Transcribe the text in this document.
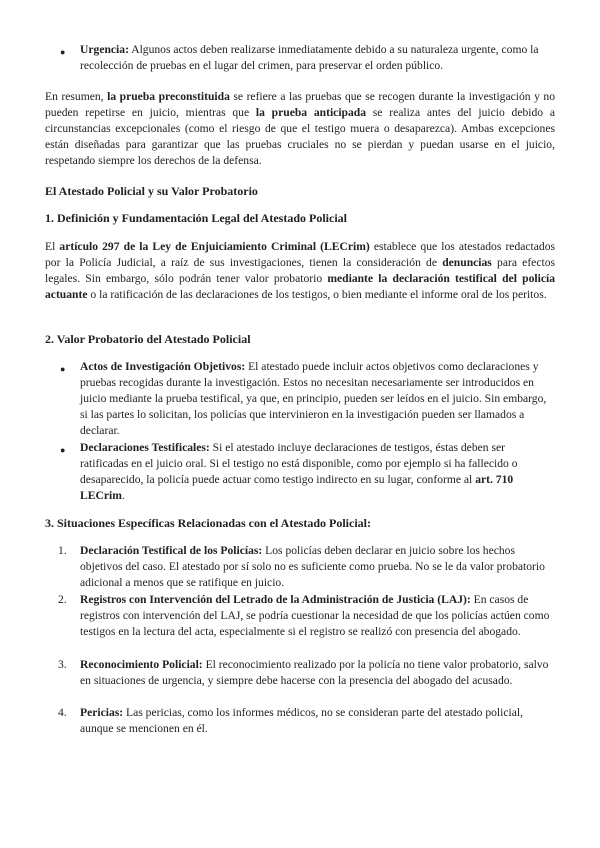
● Urgencia: Algunos actos deben realizarse inmediatamente debido a su naturaleza urgente, como la recolección de pruebas en el lugar del crimen, para preservar el orden público.

En resumen, la prueba preconstituida se refiere a las pruebas que se recogen durante la investigación y no pueden repetirse en juicio, mientras que la prueba anticipada se realiza antes del juicio debido a circunstancias excepcionales (como el riesgo de que el testigo muera o desaparezca). Ambas excepciones están diseñadas para garantizar que las pruebas cruciales no se pierdan y puedan usarse en el juicio, respetando siempre los derechos de la defensa.

El Atestado Policial y su Valor Probatorio

1. Definición y Fundamentación Legal del Atestado Policial

El artículo 297 de la Ley de Enjuiciamiento Criminal (LECrim) establece que los atestados redactados por la Policía Judicial, a raíz de sus investigaciones, tienen la consideración de denuncias para efectos legales. Sin embargo, sólo podrán tener valor probatorio mediante la declaración testifical del policía actuante o la ratificación de las declaraciones de los testigos, o bien mediante el informe oral de los peritos.

2. Valor Probatorio del Atestado Policial

● Actos de Investigación Objetivos: El atestado puede incluir actos objetivos como declaraciones y pruebas recogidas durante la investigación. Estos no necesitan necesariamente ser introducidos en juicio mediante la prueba testifical, ya que, en principio, pueden ser leídos en el juicio. Sin embargo, si las partes lo solicitan, los policías que intervinieron en la investigación pueden ser llamados a declarar.

● Declaraciones Testificales: Si el atestado incluye declaraciones de testigos, éstas deben ser ratificadas en el juicio oral. Si el testigo no está disponible, como por ejemplo si ha fallecido o desaparecido, la policía puede actuar como testigo indirecto en su lugar, conforme al art. 710 LECrim.

3. Situaciones Específicas Relacionadas con el Atestado Policial:

1. Declaración Testifical de los Policías: Los policías deben declarar en juicio sobre los hechos objetivos del caso. El atestado por sí solo no es suficiente como prueba. No se le da valor probatorio adicional a menos que se ratifique en juicio.

2. Registros con Intervención del Letrado de la Administración de Justicia (LAJ): En casos de registros con intervención del LAJ, se podría cuestionar la necesidad de que los policías actúen como testigos en la lectura del acta, especialmente si el registro se realizó con presencia del abogado.

3. Reconocimiento Policial: El reconocimiento realizado por la policía no tiene valor probatorio, salvo en situaciones de urgencia, y siempre debe hacerse con la presencia del abogado del acusado.

4. Pericias: Las pericias, como los informes médicos, no se consideran parte del atestado policial, aunque se mencionen en él.
